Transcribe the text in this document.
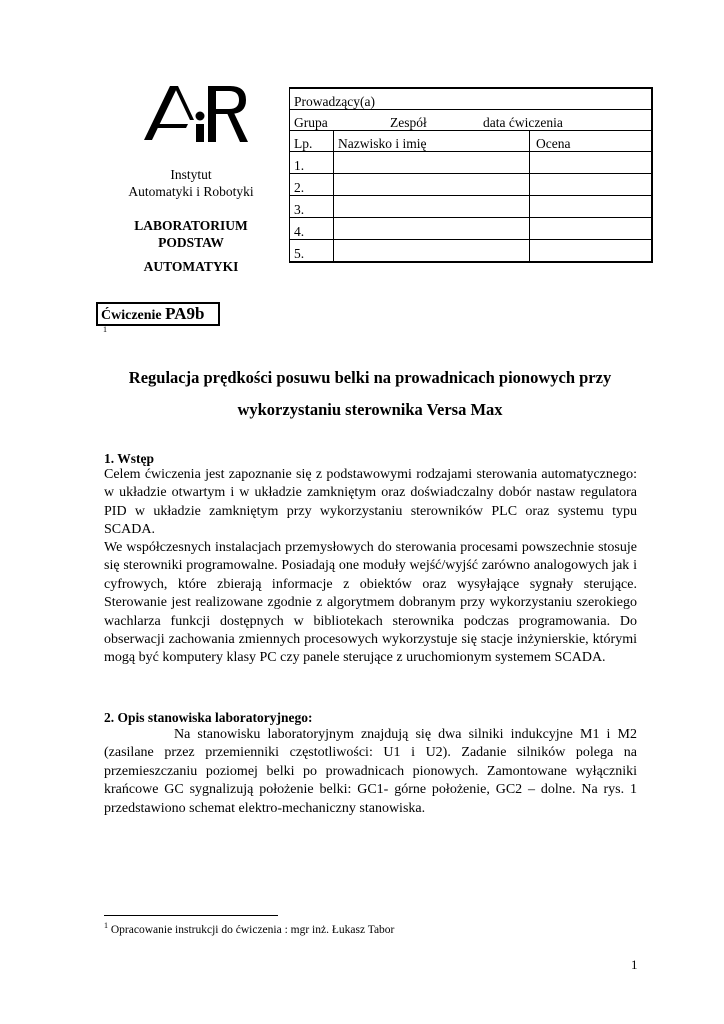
Instytut
Automatyki i Robotyki
LABORATORIUM
PODSTAW
AUTOMATYKI
Prowadzący(a)		
Grupa Zespół data ćwiczenia		
Lp.	Nazwisko i imię	Ocena
1.		
2.		
3.		
4.		
5.		
Ćwiczenie PA9b
1
Regulacja prędkości posuwu belki na prowadnicach pionowych przy
wykorzystaniu sterownika Versa Max
1. Wstęp
Celem ćwiczenia jest zapoznanie się z podstawowymi rodzajami sterowania automatycznego: w układzie otwartym i w układzie zamkniętym oraz doświadczalny dobór nastaw regulatora PID w układzie zamkniętym przy wykorzystaniu sterowników PLC oraz systemu typu SCADA.
We współczesnych instalacjach przemysłowych do sterowania procesami powszechnie stosuje się sterowniki programowalne. Posiadają one moduły wejść/wyjść zarówno analogowych jak i cyfrowych, które zbierają informacje z obiektów oraz wysyłające sygnały sterujące. Sterowanie jest realizowane zgodnie z algorytmem dobranym przy wykorzystaniu szerokiego wachlarza funkcji dostępnych w bibliotekach sterownika podczas programowania. Do obserwacji zachowania zmiennych procesowych wykorzystuje się stacje inżynierskie, którymi mogą być komputery klasy PC czy panele sterujące z uruchomionym systemem SCADA.
2. Opis stanowiska laboratoryjnego:
Na stanowisku laboratoryjnym znajdują się dwa silniki indukcyjne M1 i M2 (zasilane przez przemienniki częstotliwości: U1 i U2). Zadanie silników polega na przemieszczaniu poziomej belki po prowadnicach pionowych. Zamontowane wyłączniki krańcowe GC sygnalizują położenie belki: GC1- górne położenie, GC2 – dolne. Na rys. 1 przedstawiono schemat elektro-mechaniczny stanowiska.
$^1$ Opracowanie instrukcji do ćwiczenia : mgr inż. Łukasz Tabor
1
